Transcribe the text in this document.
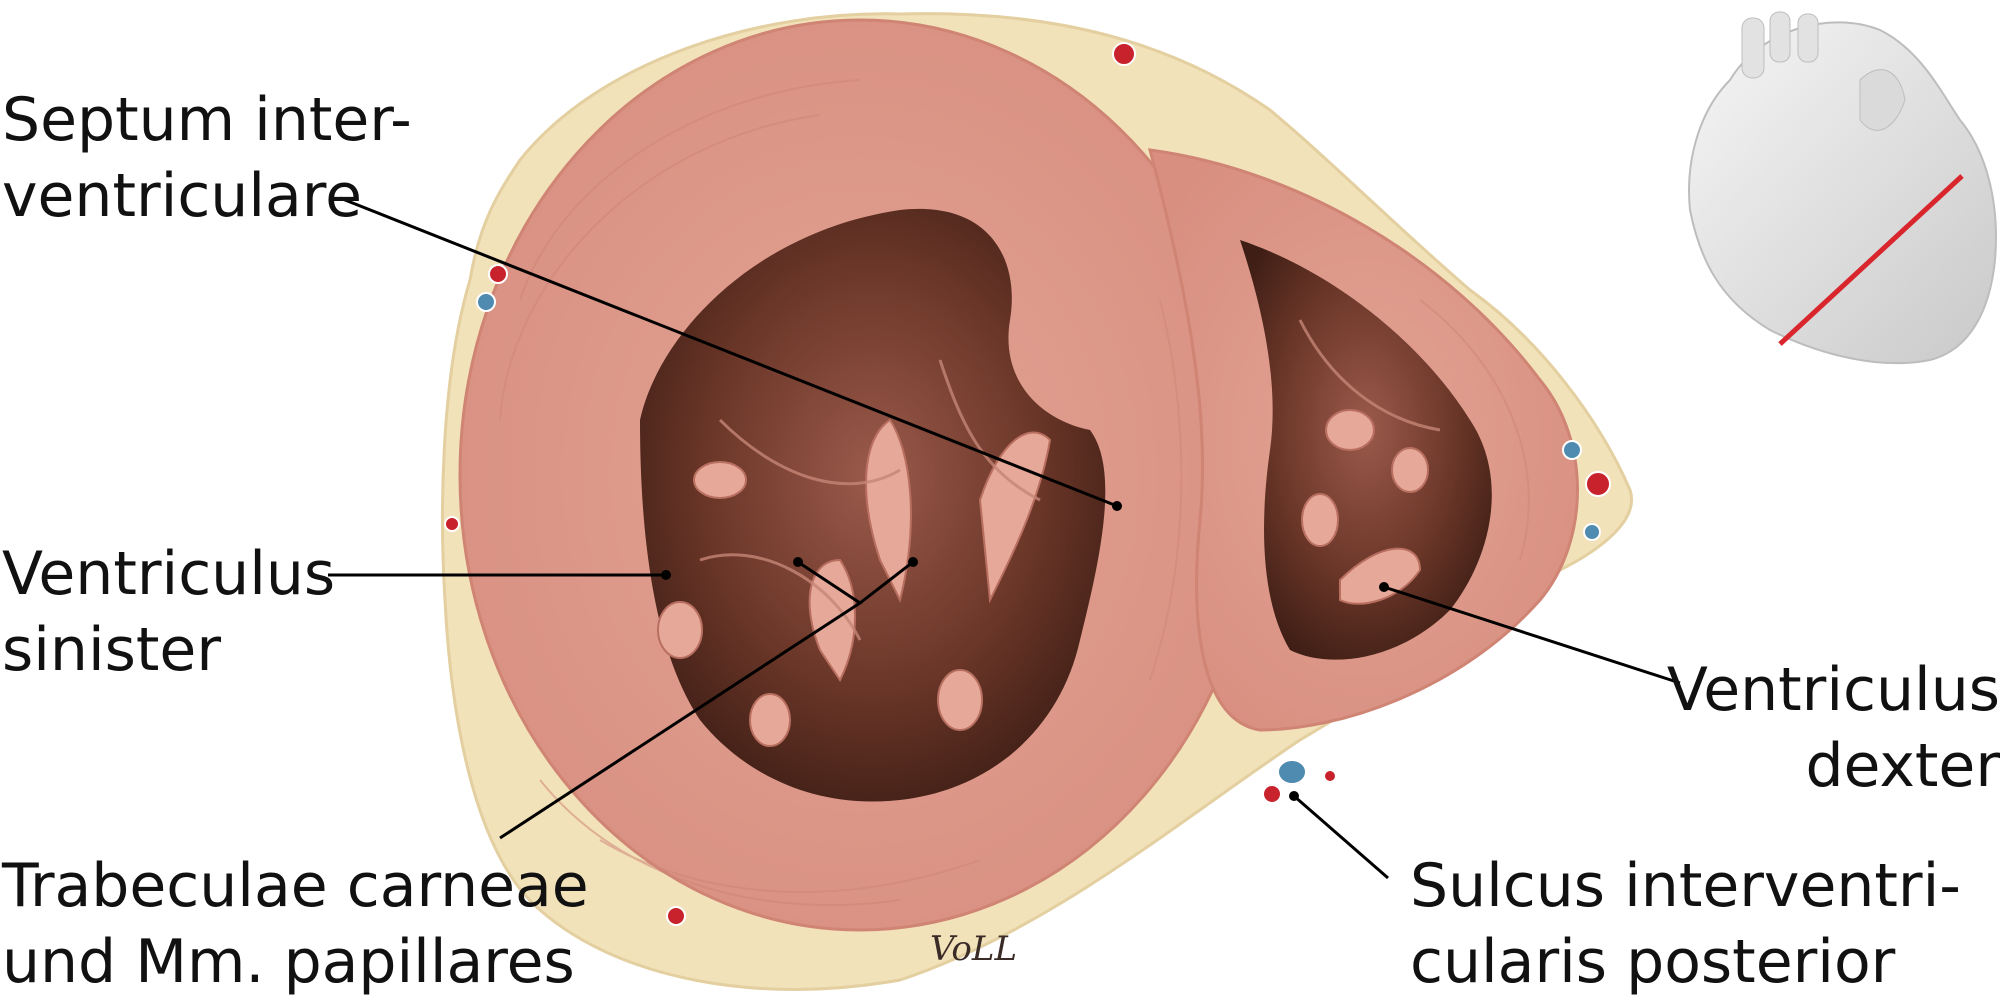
VoLL
Septum inter-
ventriculare
Ventriculus
sinister
Trabeculae carneae
und Mm. papillares
Ventriculus
dexter
Sulcus interventri-
cularis posterior
